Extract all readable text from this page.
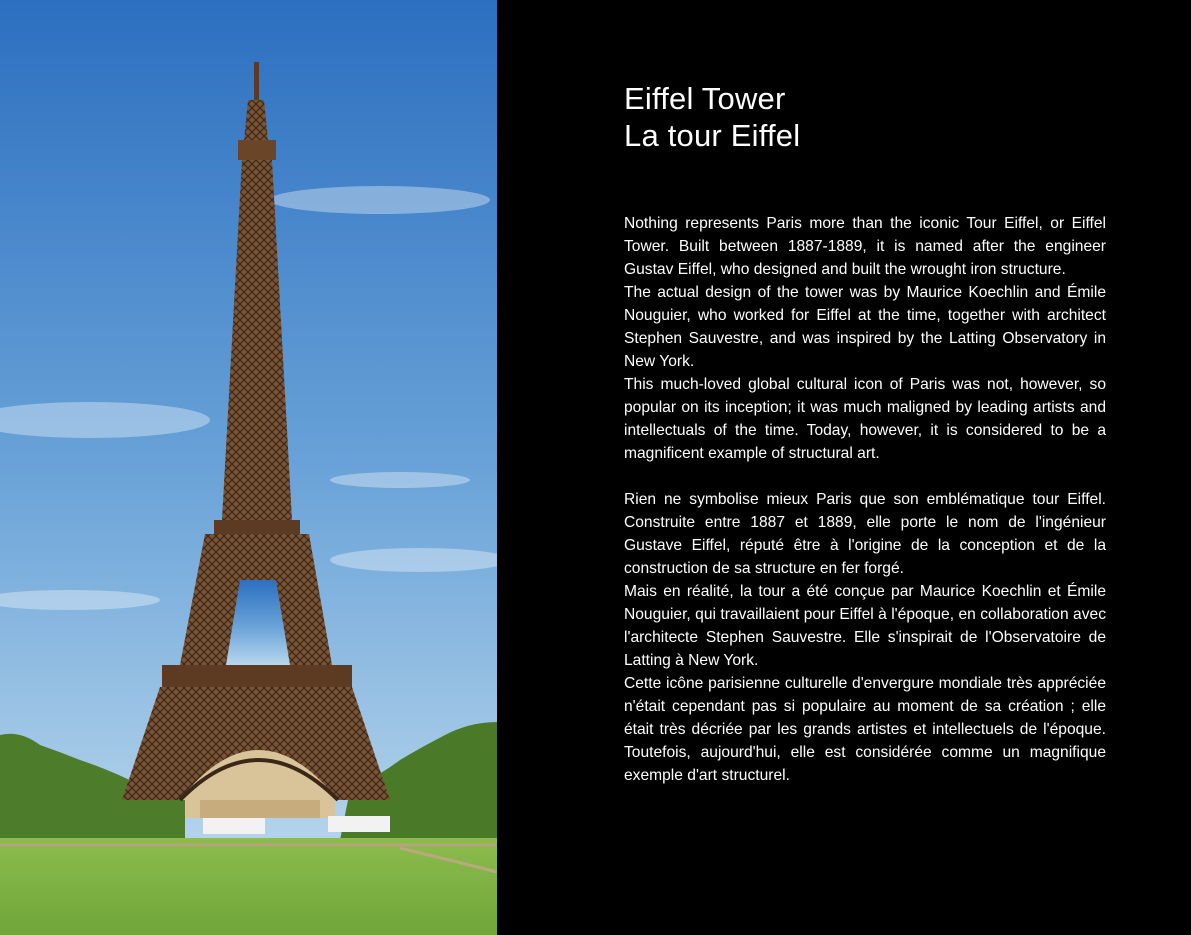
Eiffel Tower
La tour Eiffel

Nothing represents Paris more than the iconic Tour Eiffel, or Eiffel Tower. Built between 1887-1889, it is named after the engineer Gustav Eiffel, who designed and built the wrought iron structure.

The actual design of the tower was by Maurice Koechlin and Émile Nouguier, who worked for Eiffel at the time, together with architect Stephen Sauvestre, and was inspired by the Latting Observatory in New York.

This much-loved global cultural icon of Paris was not, however, so popular on its inception; it was much maligned by leading artists and intellectuals of the time. Today, however, it is considered to be a magnificent example of structural art.

Rien ne symbolise mieux Paris que son emblématique tour Eiffel. Construite entre 1887 et 1889, elle porte le nom de l'ingénieur Gustave Eiffel, réputé être à l'origine de la conception et de la construction de sa structure en fer forgé.

Mais en réalité, la tour a été conçue par Maurice Koechlin et Émile Nouguier, qui travaillaient pour Eiffel à l'époque, en collaboration avec l'architecte Stephen Sauvestre. Elle s'inspirait de l'Observatoire de Latting à New York.

Cette icône parisienne culturelle d'envergure mondiale très appréciée n'était cependant pas si populaire au moment de sa création ; elle était très décriée par les grands artistes et intellectuels de l'époque. Toutefois, aujourd'hui, elle est considérée comme un magnifique exemple d'art structurel.
